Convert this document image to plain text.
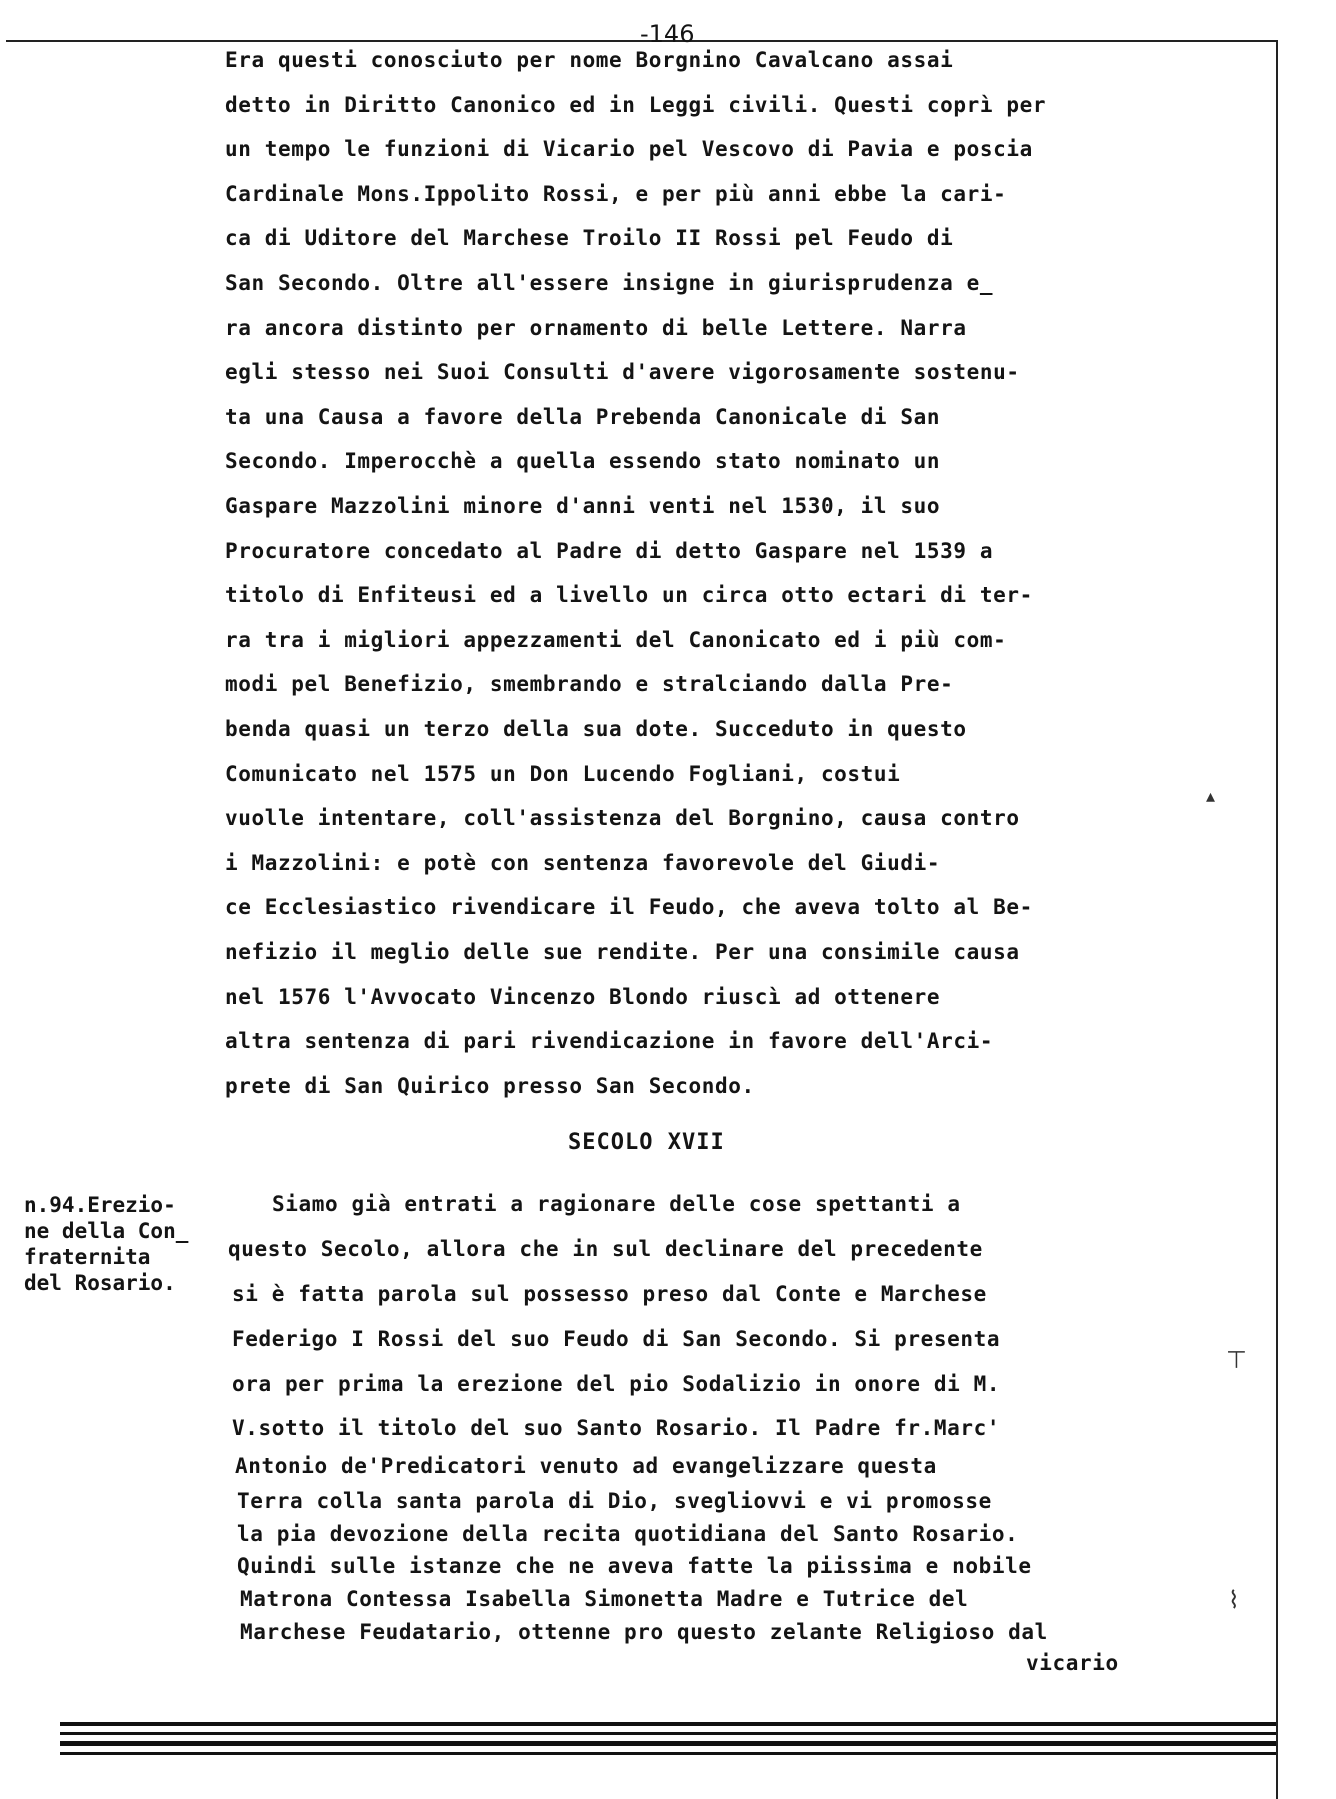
-146
Era questi conosciuto per nome Borgnino Cavalcano assai
detto in Diritto Canonico ed in Leggi civili. Questi coprì per
un tempo le funzioni di Vicario pel Vescovo di Pavia e poscia
Cardinale Mons.Ippolito Rossi, e per più anni ebbe la cari-
ca di Uditore del Marchese Troilo II Rossi pel Feudo di
San Secondo. Oltre all'essere insigne in giurisprudenza e_
ra ancora distinto per ornamento di belle Lettere. Narra
egli stesso nei Suoi Consulti d'avere vigorosamente sostenu-
ta una Causa a favore della Prebenda Canonicale di San
Secondo. Imperocchè a quella essendo stato nominato un
Gaspare Mazzolini minore d'anni venti nel 1530, il suo
Procuratore concedato al Padre di detto Gaspare nel 1539 a
titolo di Enfiteusi ed a livello un circa otto ectari di ter-
ra tra i migliori appezzamenti del Canonicato ed i più com-
modi pel Benefizio, smembrando e stralciando dalla Pre-
benda quasi un terzo della sua dote. Succeduto in questo
Comunicato nel 1575 un Don Lucendo Fogliani, costui
vuolle intentare, coll'assistenza del Borgnino, causa contro
i Mazzolini: e potè con sentenza favorevole del Giudi-
ce Ecclesiastico rivendicare il Feudo, che aveva tolto al Be-
nefizio il meglio delle sue rendite. Per una consimile causa
nel 1576 l'Avvocato Vincenzo Blondo riuscì ad ottenere
altra sentenza di pari rivendicazione in favore dell'Arci-
prete di San Quirico presso San Secondo.
SECOLO XVII
n.94.Erezio-
ne della Con_
fraternita
del Rosario.
Siamo già entrati a ragionare delle cose spettanti a
questo Secolo, allora che in sul declinare del precedente
si è fatta parola sul possesso preso dal Conte e Marchese
Federigo I Rossi del suo Feudo di San Secondo. Si presenta
ora per prima la erezione del pio Sodalizio in onore di M.
V.sotto il titolo del suo Santo Rosario. Il Padre fr.Marc'
Antonio de'Predicatori venuto ad evangelizzare questa
Terra colla santa parola di Dio, svegliovvi e vi promosse
la pia devozione della recita quotidiana del Santo Rosario.
Quindi sulle istanze che ne aveva fatte la piissima e nobile
Matrona Contessa Isabella Simonetta Madre e Tutrice del
Marchese Feudatario, ottenne pro questo zelante Religioso dal
vicario
▴
⊤
⌇
